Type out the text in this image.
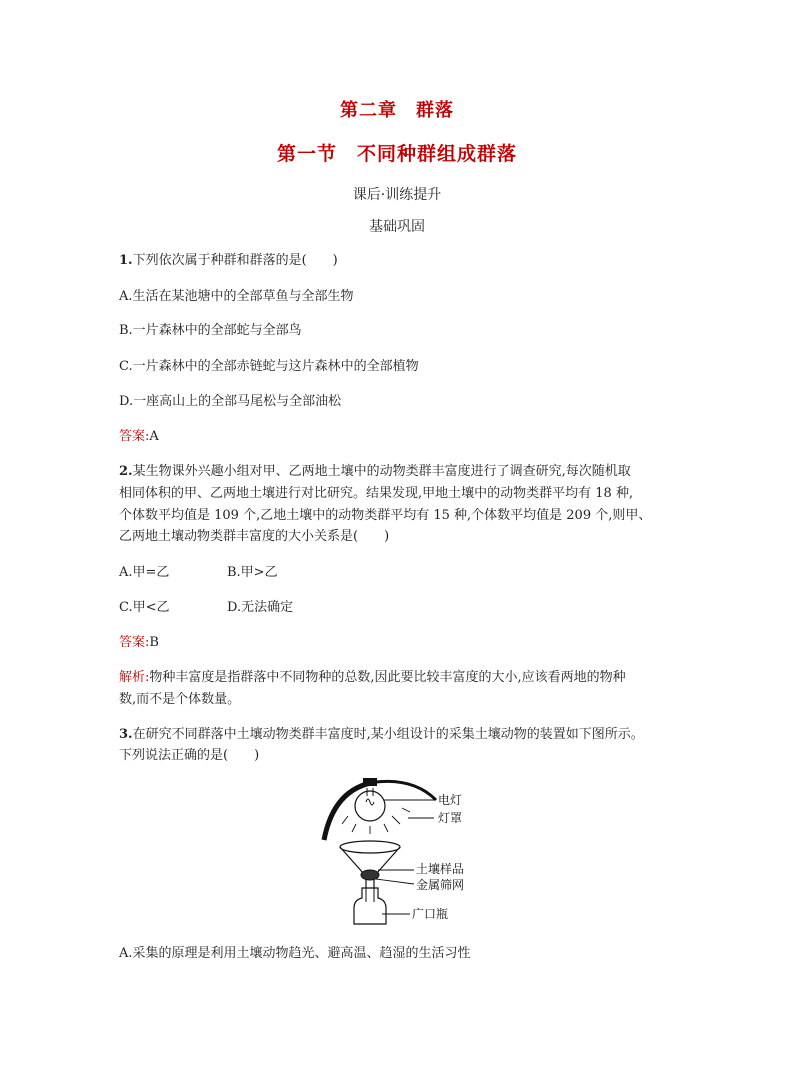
第二章　群落
第一节　不同种群组成群落
课后·训练提升
基础巩固
1.下列依次属于种群和群落的是(　　)
A.生活在某池塘中的全部草鱼与全部生物
B.一片森林中的全部蛇与全部鸟
C.一片森林中的全部赤链蛇与这片森林中的全部植物
D.一座高山上的全部马尾松与全部油松
答案:A
2.某生物课外兴趣小组对甲、乙两地土壤中的动物类群丰富度进行了调查研究,每次随机取
相同体积的甲、乙两地土壤进行对比研究。结果发现,甲地土壤中的动物类群平均有 18 种,
个体数平均值是 109 个,乙地土壤中的动物类群平均有 15 种,个体数平均值是 209 个,则甲、
乙两地土壤动物类群丰富度的大小关系是(　　)
A.甲=乙	B.甲>乙
C.甲<乙	D.无法确定
答案:B
解析:物种丰富度是指群落中不同物种的总数,因此要比较丰富度的大小,应该看两地的物种
数,而不是个体数量。
3.在研究不同群落中土壤动物类群丰富度时,某小组设计的采集土壤动物的装置如下图所示。
下列说法正确的是(　　)
电灯
灯罩
土壤样品
金属筛网
广口瓶
A.采集的原理是利用土壤动物趋光、避高温、趋湿的生活习性
